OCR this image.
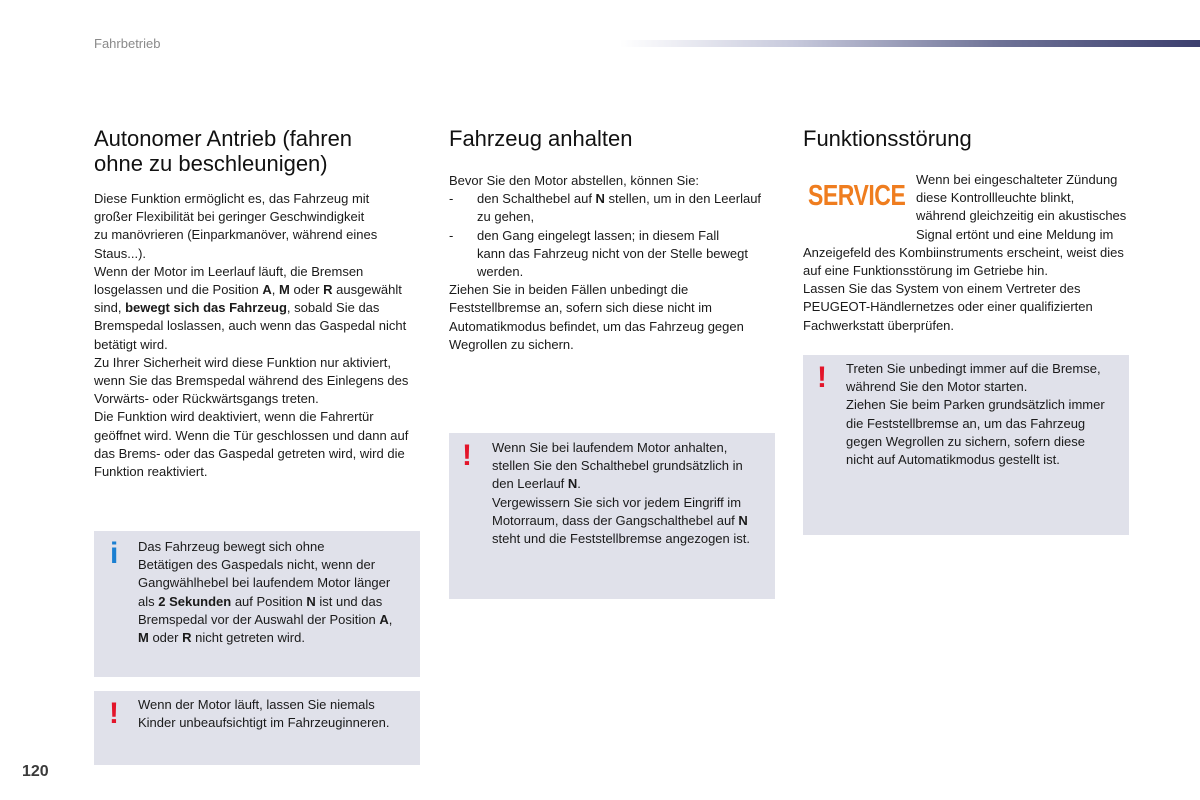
Fahrbetrieb
Autonomer Antrieb (fahren
ohne zu beschleunigen)

Diese Funktion ermöglicht es, das Fahrzeug mit
großer Flexibilität bei geringer Geschwindigkeit
zu manövrieren (Einparkmanöver, während eines
Staus...).

Wenn der Motor im Leerlauf läuft, die Bremsen
losgelassen und die Position A, M oder R ausgewählt
sind, bewegt sich das Fahrzeug, sobald Sie das
Bremspedal loslassen, auch wenn das Gaspedal nicht
betätigt wird.

Zu Ihrer Sicherheit wird diese Funktion nur aktiviert,
wenn Sie das Bremspedal während des Einlegens des
Vorwärts- oder Rückwärtsgangs treten.

Die Funktion wird deaktiviert, wenn die Fahrertür
geöffnet wird. Wenn die Tür geschlossen und dann auf
das Brems- oder das Gaspedal getreten wird, wird die
Funktion reaktiviert.

i Das Fahrzeug bewegt sich ohne
Betätigen des Gaspedals nicht, wenn der
Gangwählhebel bei laufendem Motor länger
als 2 Sekunden auf Position N ist und das
Bremspedal vor der Auswahl der Position A,
M oder R nicht getreten wird.

! Wenn der Motor läuft, lassen Sie niemals
Kinder unbeaufsichtigt im Fahrzeuginneren.

Fahrzeug anhalten

Bevor Sie den Motor abstellen, können Sie:

- den Schalthebel auf N stellen, um in den Leerlauf
zu gehen,
- den Gang eingelegt lassen; in diesem Fall
kann das Fahrzeug nicht von der Stelle bewegt
werden.

Ziehen Sie in beiden Fällen unbedingt die
Feststellbremse an, sofern sich diese nicht im
Automatikmodus befindet, um das Fahrzeug gegen
Wegrollen zu sichern.

! Wenn Sie bei laufendem Motor anhalten,
stellen Sie den Schalthebel grundsätzlich in
den Leerlauf N.
Vergewissern Sie sich vor jedem Eingriff im
Motorraum, dass der Gangschalthebel auf N
steht und die Feststellbremse angezogen ist.

Funktionsstörung
SERVICE

Wenn bei eingeschalteter Zündung
diese Kontrollleuchte blinkt,
während gleichzeitig ein akustisches
Signal ertönt und eine Meldung im

Anzeigefeld des Kombiinstruments erscheint, weist dies
auf eine Funktionsstörung im Getriebe hin.
Lassen Sie das System von einem Vertreter des
PEUGEOT-Händlernetzes oder einer qualifizierten
Fachwerkstatt überprüfen.

! Treten Sie unbedingt immer auf die Bremse,
während Sie den Motor starten.
Ziehen Sie beim Parken grundsätzlich immer
die Feststellbremse an, um das Fahrzeug
gegen Wegrollen zu sichern, sofern diese
nicht auf Automatikmodus gestellt ist.

120
